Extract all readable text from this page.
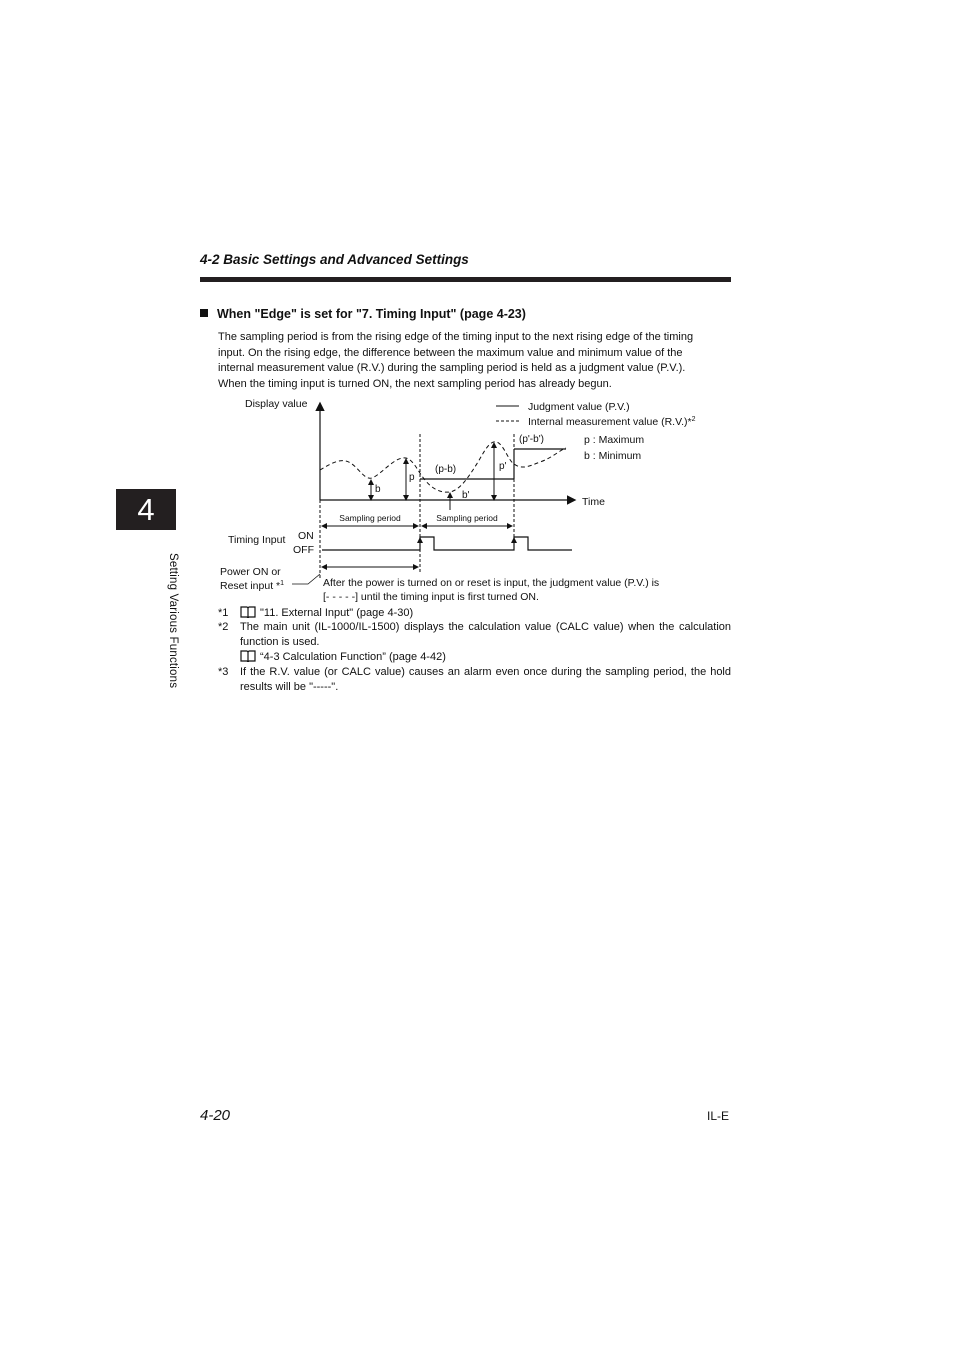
4-2 Basic Settings and Advanced Settings
4
Setting Various Functions
When "Edge" is set for "7. Timing Input" (page 4-23)

The sampling period is from the rising edge of the timing input to the next rising edge of the timing

input. On the rising edge, the difference between the maximum value and minimum value of the

internal measurement value (R.V.) during the sampling period is held as a judgment value (P.V.).

When the timing input is turned ON, the next sampling period has already begun.

Display value
Time
Judgment value (P.V.)
Internal measurement value (R.V.)*$^2$
p : Maximum
b : Minimum
b
p
(p-b)
b'
p'
(p'-b')
Sampling period	Sampling period
Timing Input ON
OFF
Power ON or
Reset input *$^1$	After the power is turned on or reset is input, the judgment value (P.V.) is
[- - - - -] until the timing input is first turned ON.
*1	"11. External Input" (page 4-30)
*2 The main unit (IL-1000/IL-1500) displays the calculation value (CALC value) when the calculation function is used.
“4-3 Calculation Function” (page 4-42)
*3 If the R.V. value (or CALC value) causes an alarm even once during the sampling period, the hold results will be "-----".
4-20	IL-E
